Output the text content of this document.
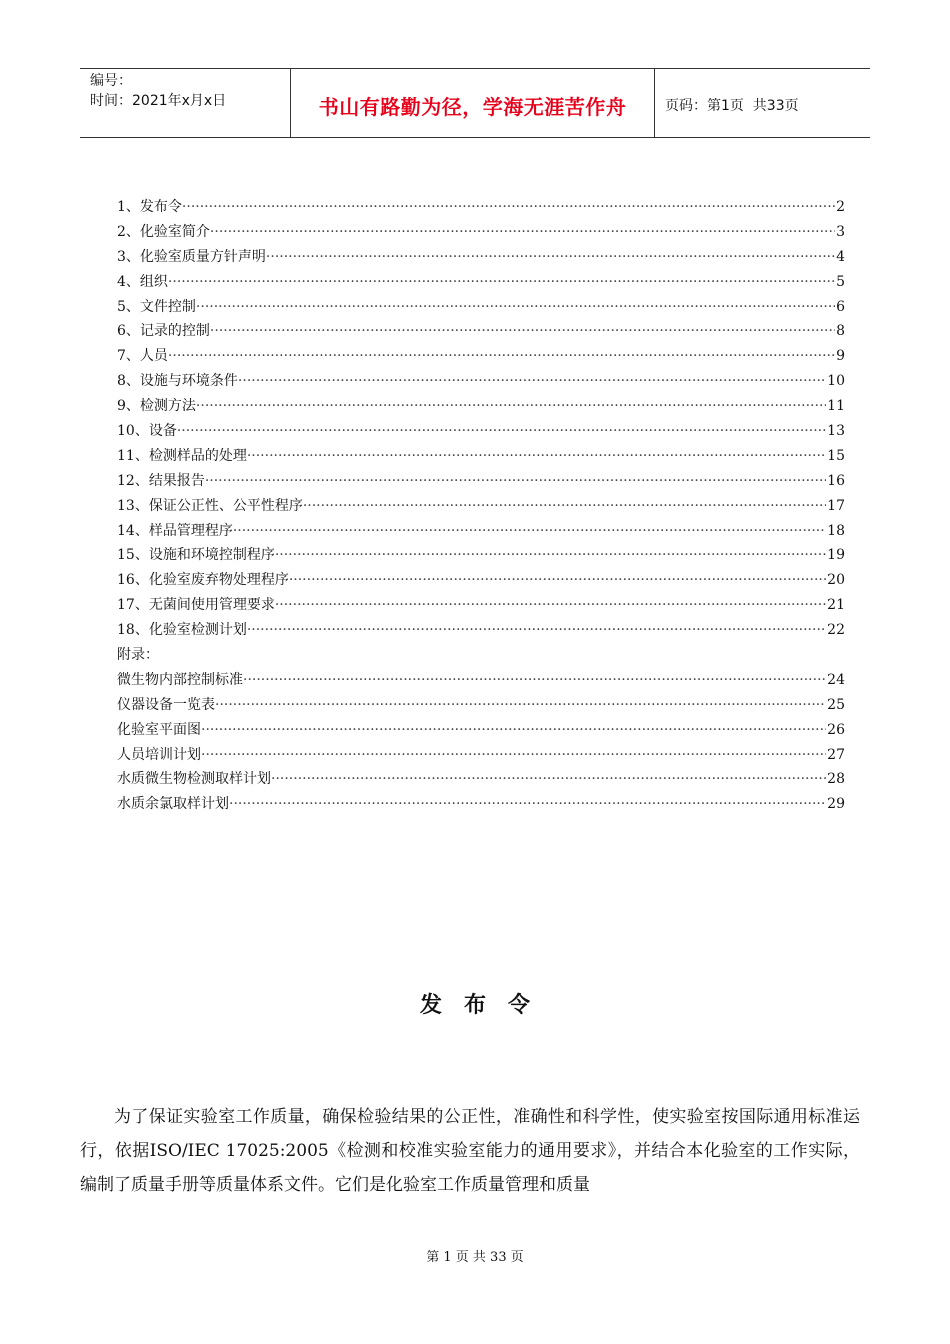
编号：
时间：2021年x月x日	书山有路勤为径，学海无涯苦作舟	页码：第1页  共33页
1、发布令 ·····	2
2、化验室简介 ·····	3
3、化验室质量方针声明 ·····	4
4、组织 ·····	5
5、文件控制 ·····	6
6、记录的控制 ·····	8
7、人员 ·····	9
8、设施与环境条件 ·····	10
9、检测方法 ·····	11
10、设备 ·····	13
11、检测样品的处理 ·····	15
12、结果报告 ·····	16
13、保证公正性、公平性程序 ·····	17
14、样品管理程序 ·····	18
15、设施和环境控制程序 ·····	19
16、化验室废弃物处理程序 ·····	20
17、无菌间使用管理要求 ·····	21
18、化验室检测计划 ·····	22
附录：
微生物内部控制标准 ·····	24
仪器设备一览表 ·····	25
化验室平面图 ·····	26
人员培训计划 ·····	27
水质微生物检测取样计划 ·····	28
水质余氯取样计划 ·····	29
发布令
为了保证实验室工作质量，确保检验结果的公正性，准确性和科学性，使实验室按国际通用标准运行，依据ISO/IEC 17025:2005《检测和校准实验室能力的通用要求》，并结合本化验室的工作实际，编制了质量手册等质量体系文件。它们是化验室工作质量管理和质量
第 1 页 共 33 页
